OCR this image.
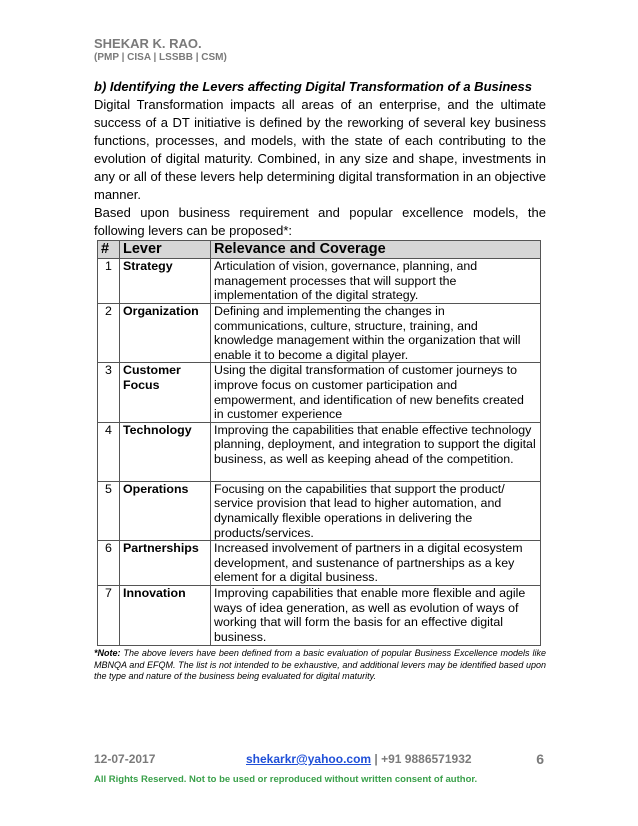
SHEKAR K. RAO.
(PMP | CISA | LSSBB | CSM)

b) Identifying the Levers affecting Digital Transformation of a Business

Digital Transformation impacts all areas of an enterprise, and the ultimate success of a DT initiative is defined by the reworking of several key business functions, processes, and models, with the state of each contributing to the evolution of digital maturity. Combined, in any size and shape, investments in any or all of these levers help determining digital transformation in an objective manner.

Based upon business requirement and popular excellence models, the following levers can be proposed*:

#	Lever	Relevance and Coverage
1	Strategy	Articulation of vision, governance, planning, and management processes that will support the implementation of the digital strategy.
2	Organization	Defining and implementing the changes in communications, culture, structure, training, and knowledge management within the organization that will enable it to become a digital player.
3	Customer Focus	Using the digital transformation of customer journeys to improve focus on customer participation and empowerment, and identification of new benefits created in customer experience
4	Technology	Improving the capabilities that enable effective technology planning, deployment, and integration to support the digital business, as well as keeping ahead of the competition.
5	Operations	Focusing on the capabilities that support the product/ service provision that lead to higher automation, and dynamically flexible operations in delivering the products/services.
6	Partnerships	Increased involvement of partners in a digital ecosystem development, and sustenance of partnerships as a key element for a digital business.
7	Innovation	Improving capabilities that enable more flexible and agile ways of idea generation, as well as evolution of ways of working that will form the basis for an effective digital business.
*Note: The above levers have been defined from a basic evaluation of popular Business Excellence models like MBNQA and EFQM. The list is not intended to be exhaustive, and additional levers may be identified based upon the type and nature of the business being evaluated for digital maturity.
12-07-2017	shekarkr@yahoo.com | +91 9886571932	6
All Rights Reserved. Not to be used or reproduced without written consent of author.
